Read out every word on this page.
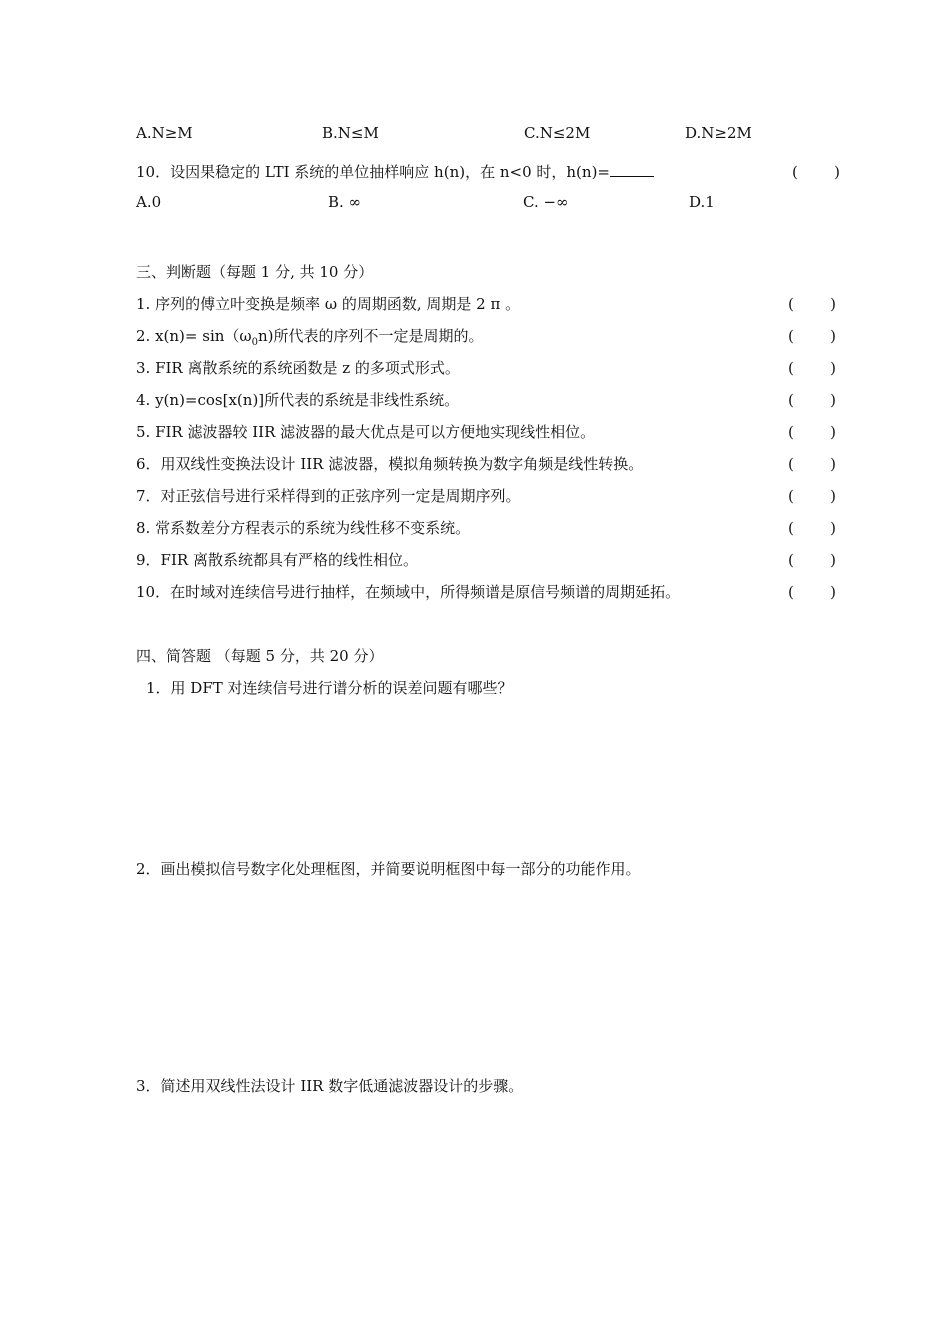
A.N≥M	B.N≤M	C.N≤2M	D.N≥2M
10．设因果稳定的 LTI 系统的单位抽样响应 h(n)，在 n<0 时，h(n)=	( )
A.0	B. ∞	C. −∞	D.1
三、判断题（每题 1 分, 共 10 分）
1. 序列的傅立叶变换是频率 ω 的周期函数, 周期是 2 π 。	( )
2. $x(n)= \sin(\omega_0n)$所代表的序列不一定是周期的。	( )
3. FIR 离散系统的系统函数是 z 的多项式形式。	( )
4. y(n)=cos[x(n)]所代表的系统是非线性系统。	( )
5. FIR 滤波器较 IIR 滤波器的最大优点是可以方便地实现线性相位。	( )
6．用双线性变换法设计 IIR 滤波器，模拟角频转换为数字角频是线性转换。	( )
7．对正弦信号进行采样得到的正弦序列一定是周期序列。	( )
8. 常系数差分方程表示的系统为线性移不变系统。	( )
9．FIR 离散系统都具有严格的线性相位。	( )
10．在时域对连续信号进行抽样，在频域中，所得频谱是原信号频谱的周期延拓。	( )
四、简答题 （每题 5 分，共 20 分）
1．用 DFT 对连续信号进行谱分析的误差问题有哪些？
2．画出模拟信号数字化处理框图，并简要说明框图中每一部分的功能作用。
3．简述用双线性法设计 IIR 数字低通滤波器设计的步骤。
